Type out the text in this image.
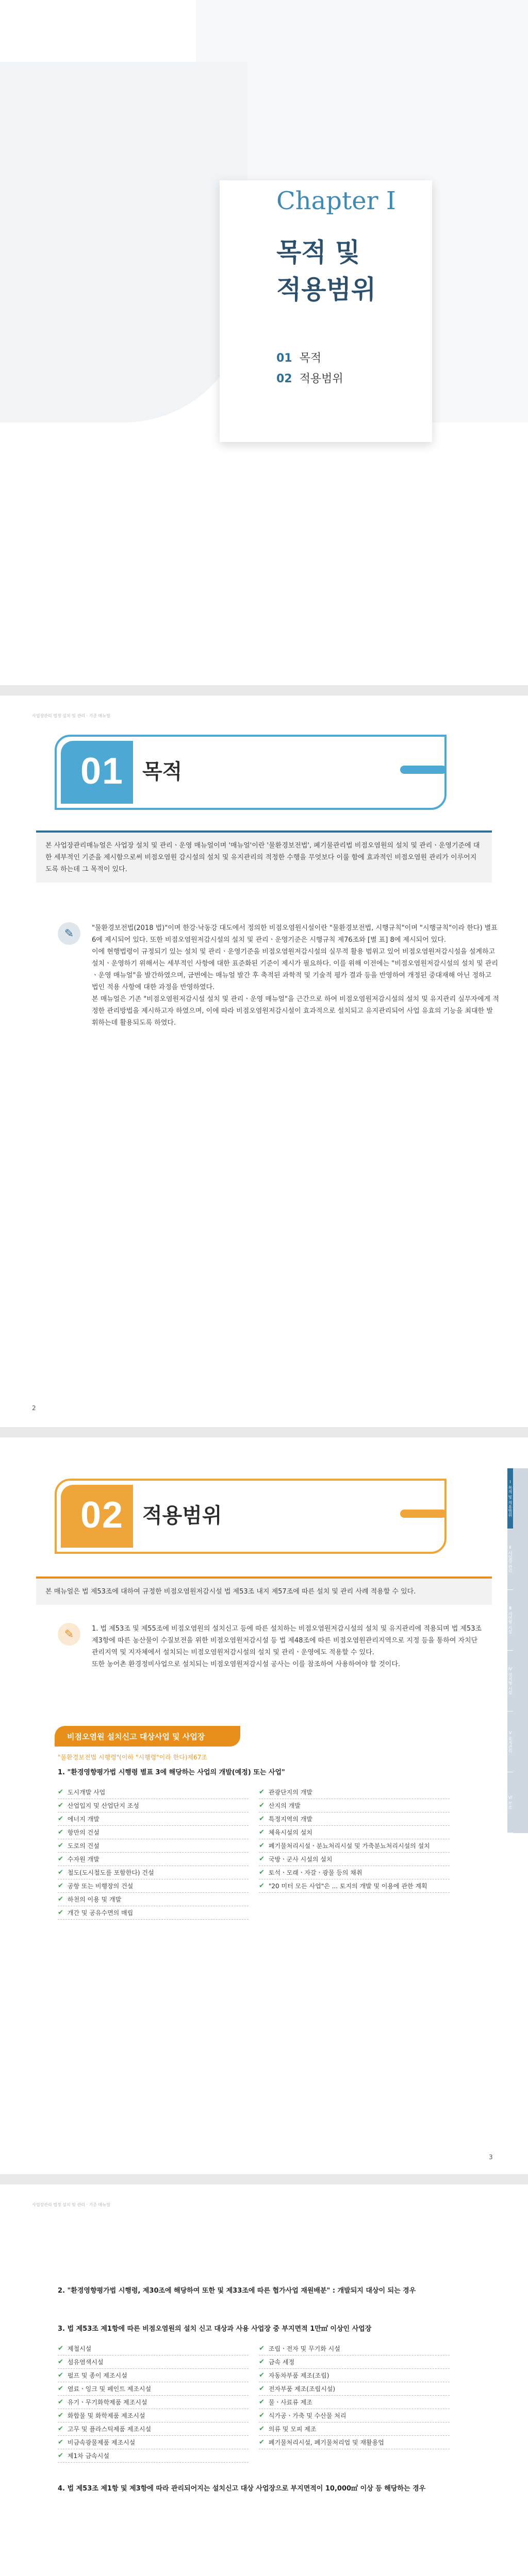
Chapter Ⅰ
목적 및
적용범위
01 목적
02 적용범위
사업장관리 법정 설치 및 관리 · 기준 매뉴얼
01 목적
본 사업장관리매뉴얼은 사업장 설치 및 관리ㆍ운영 매뉴얼이며 '매뉴얼'이란 '물환경보전법', 폐기물관리법 비점오염원의 설치 및 관리ㆍ운영기준에 대한 세부적인 기준을 제시함으로써 비점오염원 감시설의 설치 및 유지관리의 적정한 수행을 무엇보다 이룰 함에 효과적인 비점오염원 관리가 이루어지도록 하는데 그 목적이 있다.
✎	"물환경보전법(2018 법)"이며 한강·낙동강 대도에서 정의한 비점오염원시설이란 "물환경보전법, 시행규칙"이며 "시행규칙"이라 한다) 별표 6에 제시되어 있다. 또한 비점오염원저감시설의 설치 및 관리ㆍ운영기준은 시행규칙 제76조와 [별 표] 8에 제시되어 있다.
이에 현행법령이 규정되기 있는 설치 및 관리ㆍ운영기준을 비점오염원저감시설의 실무적 활용 범위고 있어 비점오염원저감시설을 설계하고 설치ㆍ운영하기 위해서는 세부적인 사항에 대한 표준화된 기준이 제시가 필요하다. 이를 위해 이전에는 "비점오염원저감시설의 설치 및 관리ㆍ운영 매뉴얼"을 발간하였으며, 금번에는 매뉴얼 발간 후 축적된 과학적 및 기술적 평가 결과 등을 반영하여 개정된 중대재해 아닌 정하고 법인 적용 사항에 대한 과정을 반영하였다.
본 매뉴얼은 기존 "비점오염원저감시설 설치 및 관리ㆍ운영 매뉴얼"을 근간으로 하여 비점오염원저감시설의 설치 및 유지관리 실무자에게 적정한 관리방법을 제시하고자 하였으며, 이에 따라 비점오염원저감시설이 효과적으로 설치되고 유지관리되어 사업 유효의 기능을 최대한 발휘하는데 활용되도록 하였다.
2
Ⅰ 목적 및 적용범위
Ⅱ 사업장 관리
Ⅲ 자연형 시설
Ⅳ 장치형 시설
Ⅴ 유지관리
Ⅵ 부록
02 적용범위
본 매뉴얼은 법 제53조에 대하여 규정한 비점오염원저감시설 법 제53조 내지 제57조에 따른 설치 및 관리 사례 적용할 수 있다.
✎	1. 법 제53조 및 제55조에 비점오염원의 설치신고 등에 따른 설치하는 비점오염원저감시설의 설치 및 유지관리에 적용되며 법 제53조제3항에 따른 농산물이 수질보전을 위한 비점오염원저감시설 등 법 제48조에 따른 비점오염원관리지역으로 지정 등을 통하여 자치단 관리지역 및 지자체에서 설치되는 비점오염원저감시설의 설치 및 관리ㆍ운영에도 적용할 수 있다.
또한 농어촌 환경정비사업으로 설치되는 비점오염원저감시설 공사는 이를 참조하여 사용하여야 할 것이다.
비점오염원 설치신고 대상사업 및 사업장
"물환경보전법 시행령"(이하 "시행령"이라 한다)제67조
1. "환경영향평가법 시행령 별표 3에 해당하는 사업의 개발(예정) 또는 사업"
✔ 도시개발 사업
✔ 산업입지 및 산업단지 조성
✔ 에너지 개발
✔ 항만의 건설
✔ 도로의 건설
✔ 수자원 개발
✔ 철도(도시철도를 포함한다) 건설
✔ 공항 또는 비행장의 건설
✔ 하천의 이용 및 개발
✔ 개간 및 공유수면의 매립
✔ 관광단지의 개발
✔ 산지의 개발
✔ 특정지역의 개발
✔ 체육시설의 설치
✔ 폐기물처리시설ㆍ분뇨처리시설 및 가축분뇨처리시설의 설치
✔ 국방ㆍ군사 시설의 설치
✔ 토석ㆍ모래ㆍ자갈ㆍ광물 등의 채취
✔ "20 미터 모든 사업"은 ... 토지의 개발 및 이용에 관한 계획
3
사업장관리 법정 설치 및 관리 · 기준 매뉴얼
2. "환경영향평가법 시행령, 제30조에 해당하여 또한 및 제33조에 따른 협가사업 재원배분" : 개발되지 대상이 되는 경우
3. 법 제53조 제1항에 따른 비점오염원의 설치 신고 대상과 사용 사업장 중 부지면적 1만㎡ 이상인 사업장
✔ 제철시설
✔ 섬유염색시설
✔ 펄프 및 종이 제조시설
✔ 염료ㆍ잉크 및 페인트 제조시설
✔ 유기ㆍ무기화학제품 제조시설
✔ 화합물 및 화학제품 제조시설
✔ 고무 및 플라스틱제품 제조시설
✔ 비금속광물제품 제조시설
✔ 제1차 금속시설
✔ 조립ㆍ전자 및 무기화 시설
✔ 금속 세정
✔ 자동차부품 제조(조립)
✔ 전자부품 제조(조립시설)
✔ 물ㆍ사료류 제조
✔ 식가공ㆍ가축 및 수산물 처리
✔ 의류 및 모피 제조
✔ 폐기물처리시설, 폐기물처리업 및 재활용업
4. 법 제53조 제1항 및 제3항에 따라 관리되어지는 설치신고 대상 사업장으로 부지면적이 10,000㎡ 이상 등 해당하는 경우
